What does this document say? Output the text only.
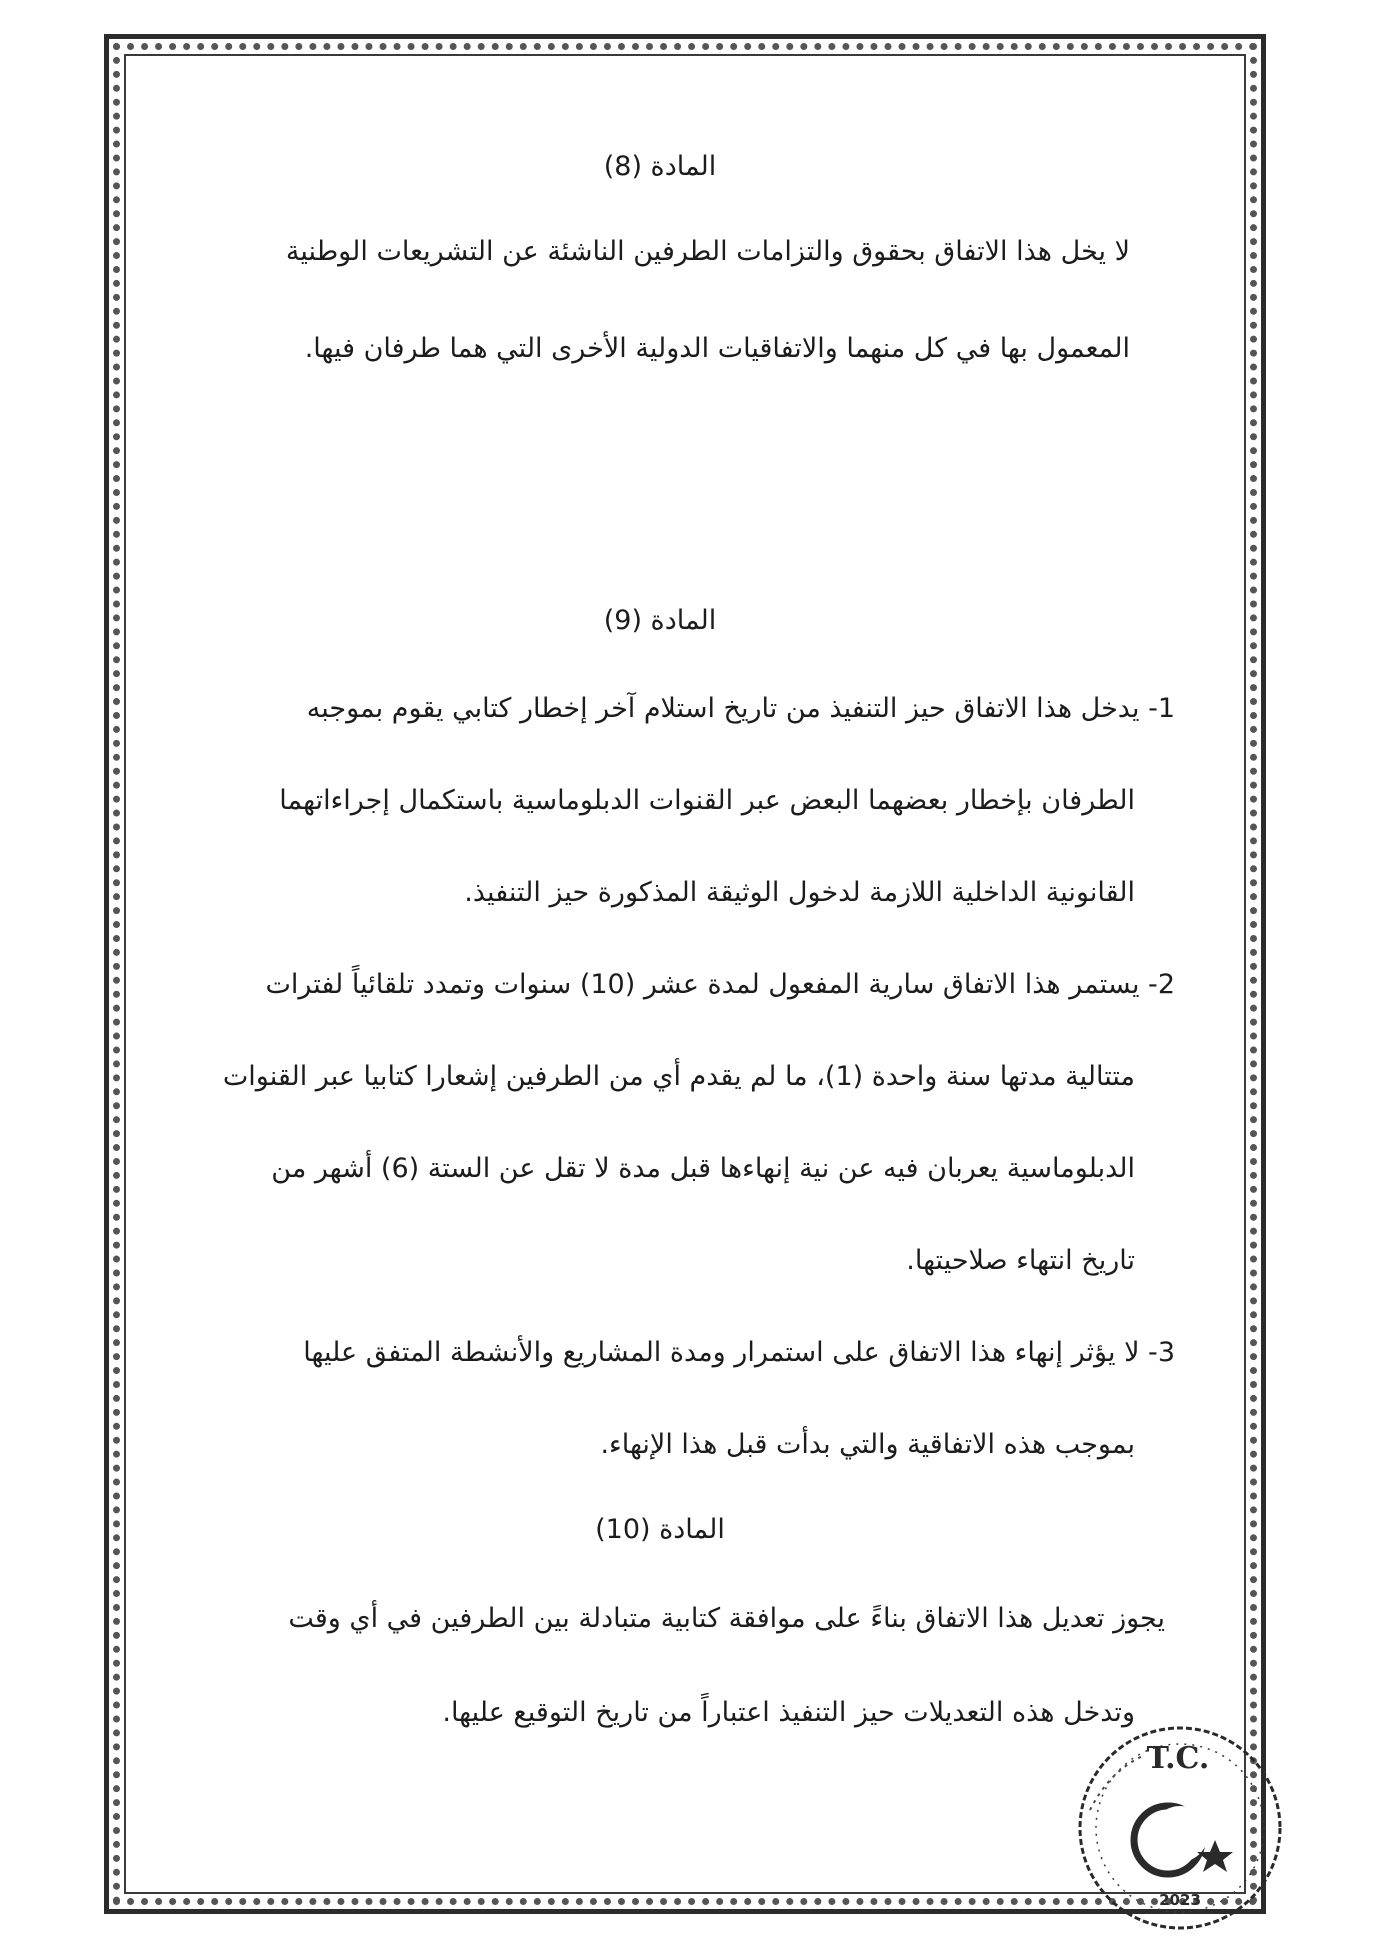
المادة (8)
لا يخل هذا الاتفاق بحقوق والتزامات الطرفين الناشئة عن التشريعات الوطنية
المعمول بها في كل منهما والاتفاقيات الدولية الأخرى التي هما طرفان فيها.
المادة (9)
1- يدخل هذا الاتفاق حيز التنفيذ من تاريخ استلام آخر إخطار كتابي يقوم بموجبه
الطرفان بإخطار بعضهما البعض عبر القنوات الدبلوماسية باستكمال إجراءاتهما
القانونية الداخلية اللازمة لدخول الوثيقة المذكورة حيز التنفيذ.
2- يستمر هذا الاتفاق سارية المفعول لمدة عشر (10) سنوات وتمدد تلقائياً لفترات
متتالية مدتها سنة واحدة (1)، ما لم يقدم أي من الطرفين إشعارا كتابيا عبر القنوات
الدبلوماسية يعربان فيه عن نية إنهاءها قبل مدة لا تقل عن الستة (6) أشهر من
تاريخ انتهاء صلاحيتها.
3- لا يؤثر إنهاء هذا الاتفاق على استمرار ومدة المشاريع والأنشطة المتفق عليها
بموجب هذه الاتفاقية والتي بدأت قبل هذا الإنهاء.
المادة (10)
يجوز تعديل هذا الاتفاق بناءً على موافقة كتابية متبادلة بين الطرفين في أي وقت
وتدخل هذه التعديلات حيز التنفيذ اعتباراً من تاريخ التوقيع عليها.
T.C.
2023
